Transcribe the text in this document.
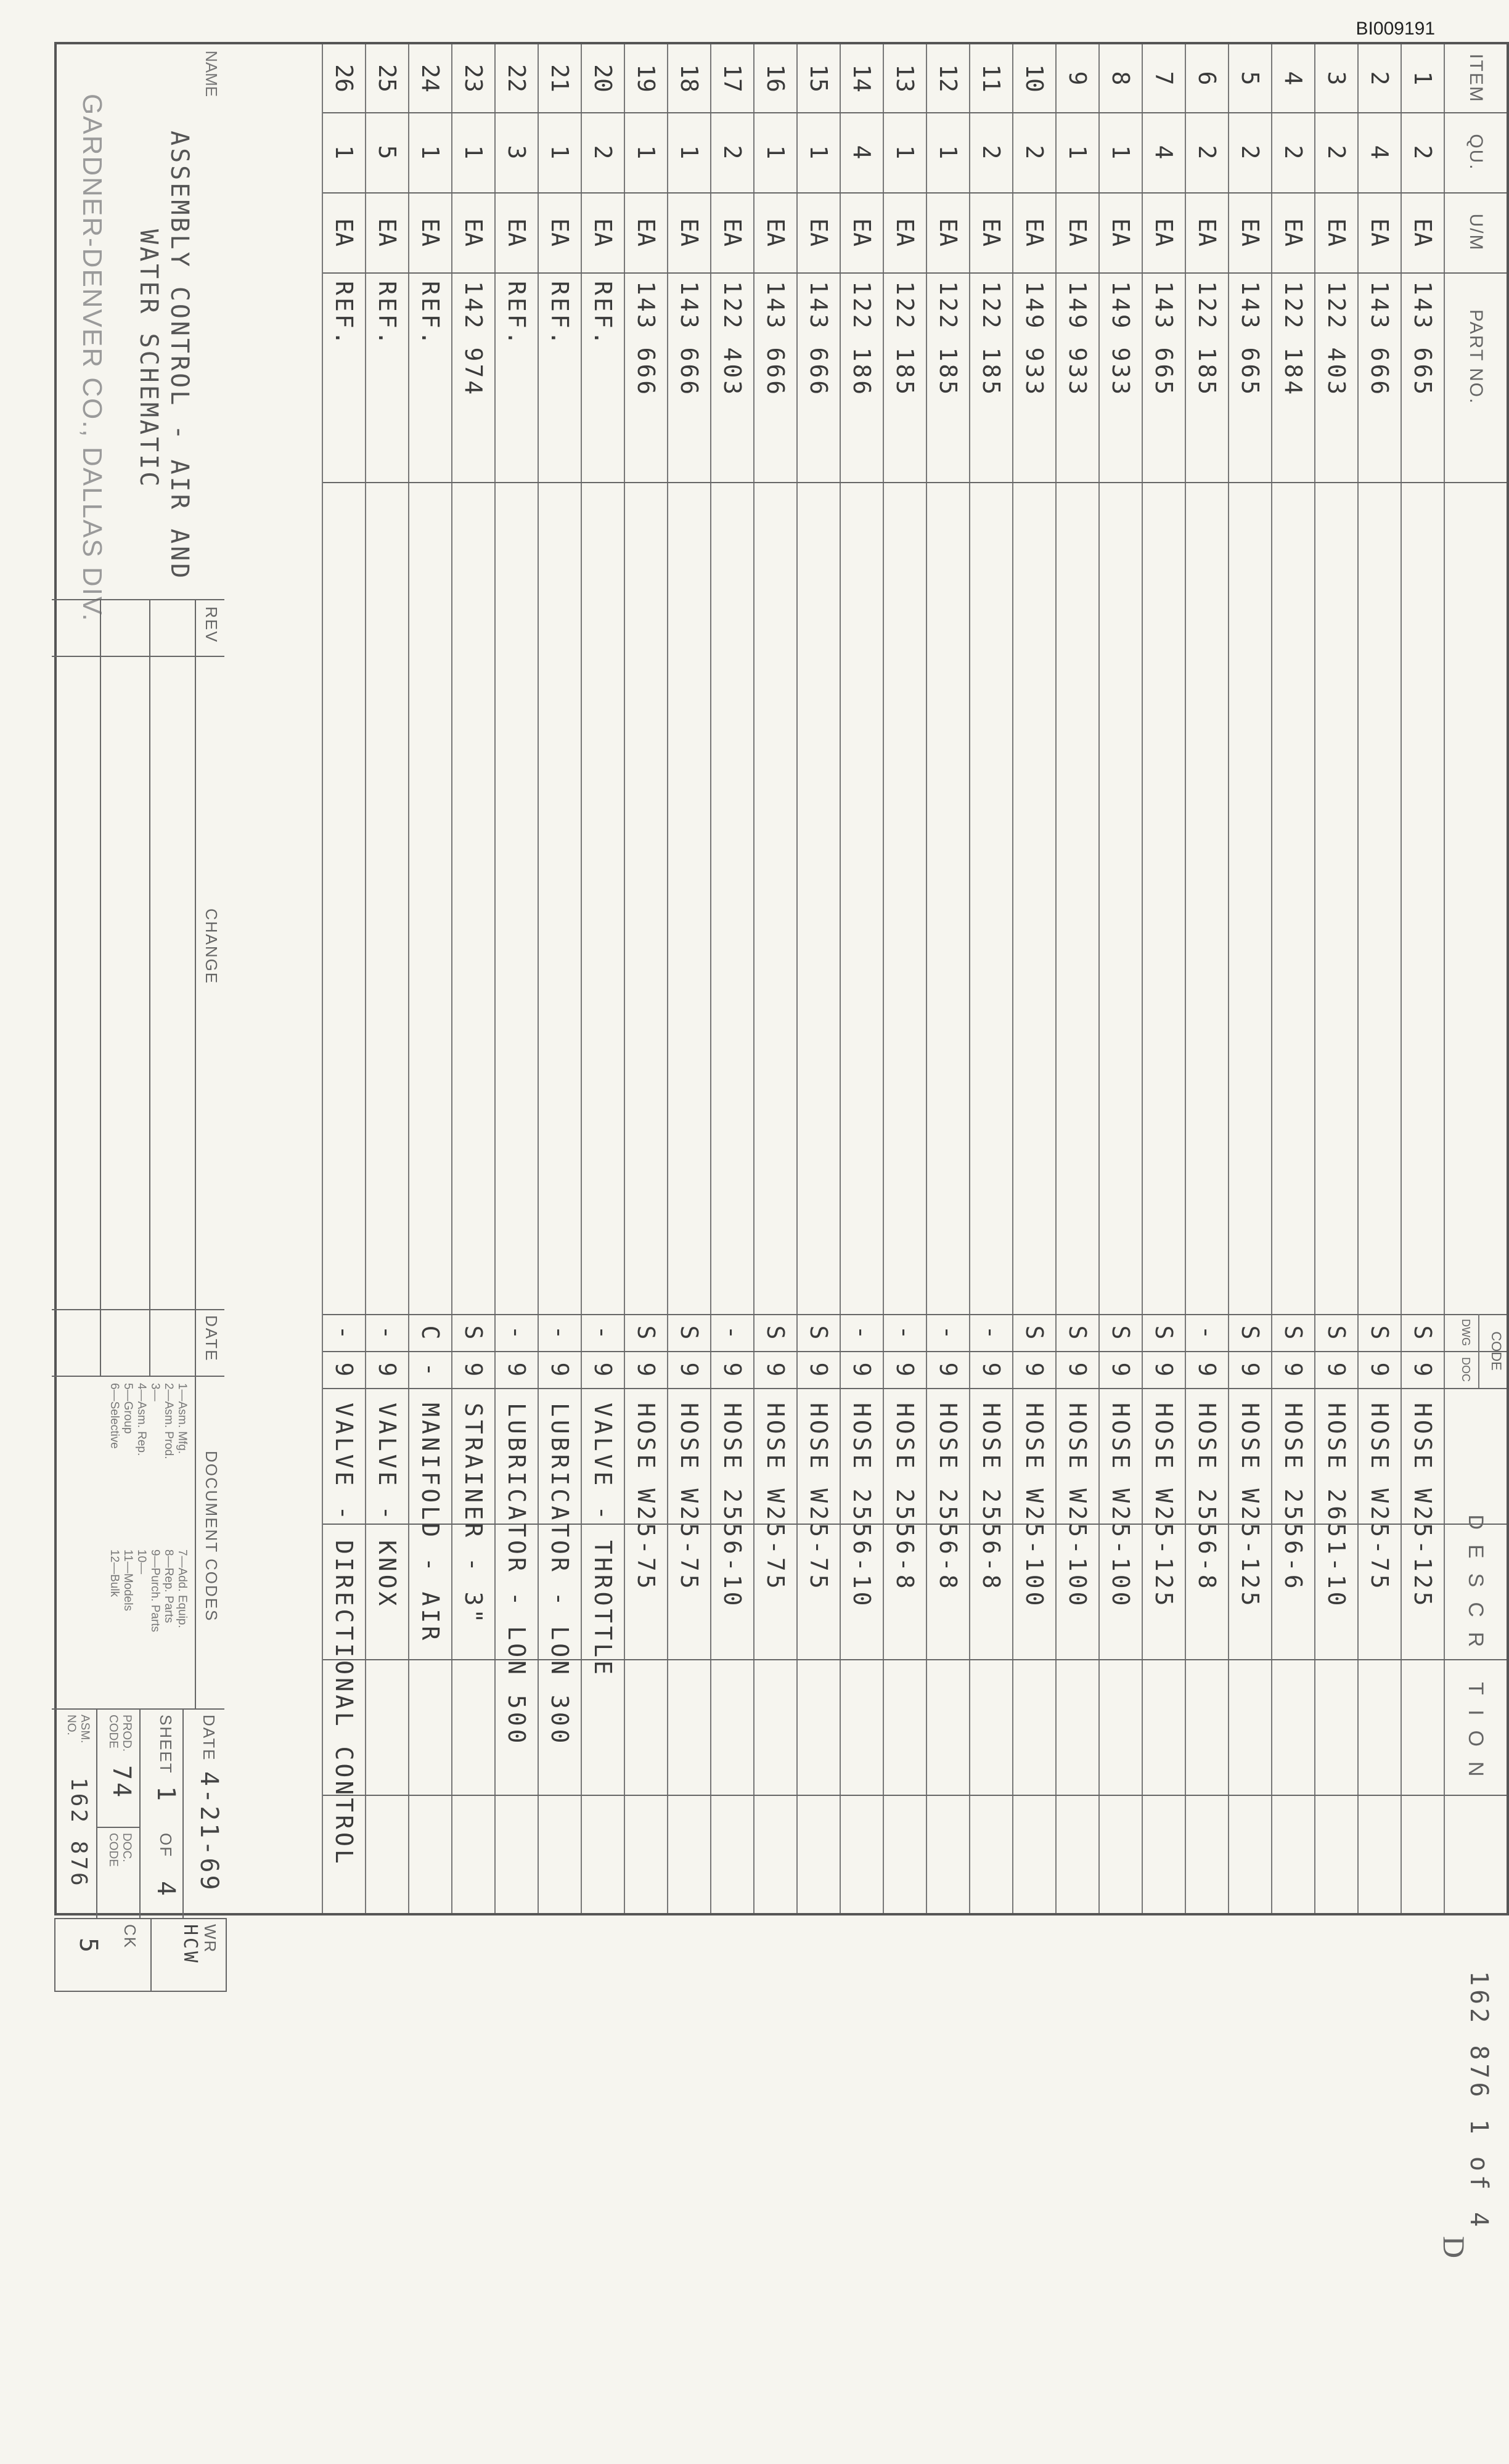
BI009191
162 876 1 of 4
D
ITEM
QU.
U/M
PART NO.
CODE
DWG
DOC
DESCR TION
1
2
EA
143 665
S
9
HOSE W25-125
2
4
EA
143 666
S
9
HOSE W25-75
3
2
EA
122 403
S
9
HOSE 2651-10
4
2
EA
122 184
S
9
HOSE 2556-6
5
2
EA
143 665
S
9
HOSE W25-125
6
2
EA
122 185
-
9
HOSE 2556-8
7
4
EA
143 665
S
9
HOSE W25-125
8
1
EA
149 933
S
9
HOSE W25-100
9
1
EA
149 933
S
9
HOSE W25-100
10
2
EA
149 933
S
9
HOSE W25-100
11
2
EA
122 185
-
9
HOSE 2556-8
12
1
EA
122 185
-
9
HOSE 2556-8
13
1
EA
122 185
-
9
HOSE 2556-8
14
4
EA
122 186
-
9
HOSE 2556-10
15
1
EA
143 666
S
9
HOSE W25-75
16
1
EA
143 666
S
9
HOSE W25-75
17
2
EA
122 403
-
9
HOSE 2556-10
18
1
EA
143 666
S
9
HOSE W25-75
19
1
EA
143 666
S
9
HOSE W25-75
20
2
EA
REF.
-
9
VALVE - THROTTLE
21
1
EA
REF.
-
9
LUBRICATOR - LON 300
22
3
EA
REF.
-
9
LUBRICATOR - LON 500
23
1
EA
142 974
S
9
STRAINER - 3"
24
1
EA
REF.
C
-
MANIFOLD - AIR
25
5
EA
REF.
-
9
VALVE - KNOX
26
1
EA
REF.
-
9
VALVE - DIRECTIONAL CONTROL
NAME
ASSEMBLY CONTROL - AIR AND
WATER SCHEMATIC
GARDNER-DENVER CO., DALLAS DIV.
REV
CHANGE
DATE
DOCUMENT CODES
1—Asm. Mfg.
2—Asm. Prod.
3—
4—Asm. Rep.
5—Group
6—Selective
7—Add. Equip.
8—Rep. Parts
9—Purch. Parts
10—
11—Models
12—Bulk
DATE
4-21-69
SHEET
1
OF
4
PROD. CODE
74
DOC. CODE
ASM. NO.
162 876
WR
HCW
CK
5
